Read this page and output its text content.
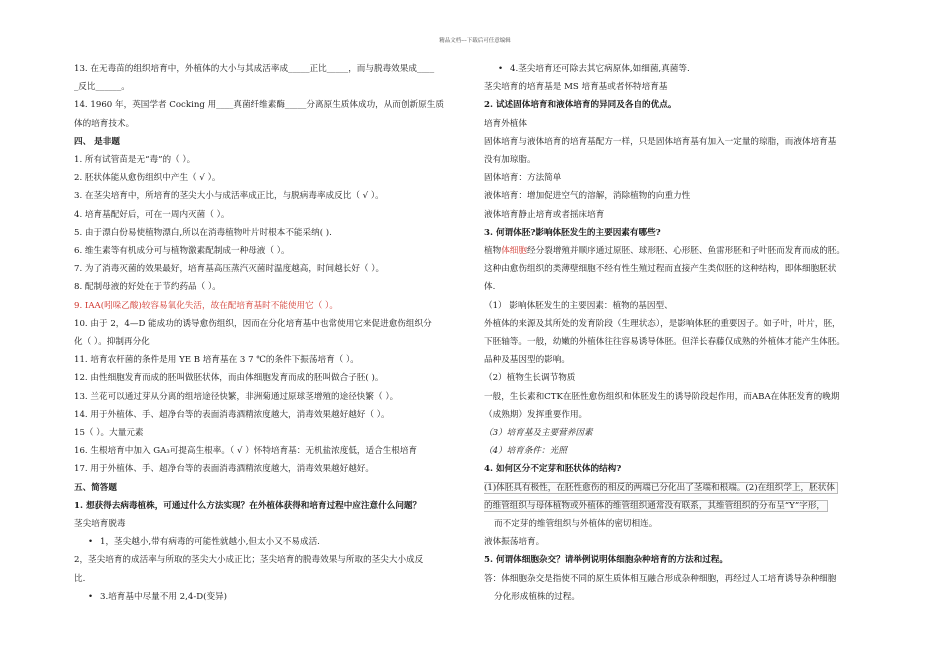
精品文档---下载后可任意编辑

13. 在无毒苗的组织培育中，外植体的大小与其成活率成_____正比_____，而与脱毒效果成____

_反比______。

14. 1960 年，英国学者 Cocking 用____真菌纤维素酶_____分离原生质体成功，从而创新原生质

体的培育技术。

四、 是非题

1. 所有试管苗是无“毒”的（ ）。

2. 胚状体能从愈伤组织中产生（ √ ）。

3. 在茎尖培育中，所培育的茎尖大小与成活率成正比，与脱病毒率成反比（ √ ）。

4. 培育基配好后，可在一周内灭菌（ ）。

5. 由于漂白份易使植物漂白,所以在消毒植物叶片时根本不能采纳( ).

6. 维生素等有机成分可与植物激素配制成一种母液（ ）。

7. 为了消毒灭菌的效果最好，培育基高压蒸汽灭菌时温度越高，时间越长好（ ）。

8. 配制母液的好处在于节约药品（ ）。

9. IAA(吲哚乙酸)较容易氧化失活，故在配培育基时不能使用它（ ）。

10. 由于 2，4—D 能成功的诱导愈伤组织，因而在分化培育基中也常使用它来促进愈伤组织分

化（ ）。抑制再分化

11. 培育农杆菌的条件是用 YE B 培育基在 3 7 ℃的条件下振荡培育（ ）。

12. 由性细胞发育而成的胚叫做胚状体，而由体细胞发育而成的胚叫做合子胚( )。

13. 兰花可以通过芽从分离的组培途径快繁，非洲菊通过原球茎增殖的途径快繁（ ）。

14. 用于外植体、手、超净台等的表面消毒酒精浓度越大，消毒效果越好越好（ ）。

15（ ）。大量元素

16. 生根培育中加入 GA₃可提高生根率。（ √ ）怀特培育基：无机盐浓度低，适合生根培育

17. 用于外植体、手、超净台等的表面消毒酒精浓度越大，消毒效果越好越好。

五、简答题

1. 想获得去病毒植株，可通过什么方法实现？在外植体获得和培育过程中应注意什么问题？

茎尖培育脱毒

• 1，茎尖越小,带有病毒的可能性就越小,但太小又不易成活.

2，茎尖培育的成活率与所取的茎尖大小成正比；茎尖培育的脱毒效果与所取的茎尖大小成反

比.

• 3.培育基中尽量不用 2,4-D(变异)

• 4.茎尖培育还可除去其它病原体,如细菌,真菌等.

茎尖培育的培育基是 MS 培育基或者怀特培育基

2. 试述固体培育和液体培育的异同及各自的优点。

培育外植体

固体培育与液体培育的培育基配方一样，只是固体培育基有加入一定量的琼脂，而液体培育基

没有加琼脂。

固体培育：方法简单

液体培育：增加促进空气的溶解，消除植物的向重力性

液体培育静止培育或者摇床培育

3. 何谓体胚?影响体胚发生的主要因素有哪些?

植物体细胞经分裂增殖并顺序通过原胚、球形胚、心形胚、鱼雷形胚和子叶胚而发育而成的胚。

这种由愈伤组织的类薄壁细胞不经有性生殖过程而直接产生类似胚的这种结构，即体细胞胚状

体.

（1） 影响体胚发生的主要因素：植物的基因型、

外植体的来源及其所处的发育阶段（生理状态），是影响体胚的重要因子。如子叶，叶片，胚，

下胚轴等。一般，幼嫩的外植体往往容易诱导体胚。但洋长春藤仅成熟的外植体才能产生体胚。

品种及基因型的影响。

（2）植物生长调节物质

一般，生长素和CTK在胚性愈伤组织和体胚发生的诱导阶段起作用，而ABA在体胚发育的晚期

（成熟期）发挥重要作用。

（3）培育基及主要营养因素

（4）培育条件：光照

4. 如何区分不定芽和胚状体的结构?

(1)体胚具有极性，在胚性愈伤的相反的两端已分化出了茎端和根端。(2)在组织学上，胚状体

的维管组织与母体植物或外植体的维管组织通常没有联系，其维管组织的分布呈“Y”字形，

而不定芽的维管组织与外植体的密切相连。

液体振荡培育。

5. 何谓体细胞杂交？请举例说明体细胞杂种培育的方法和过程。

答：体细胞杂交是指使不同的原生质体相互融合形成杂种细胞，再经过人工培育诱导杂种细胞

分化形成植株的过程。
